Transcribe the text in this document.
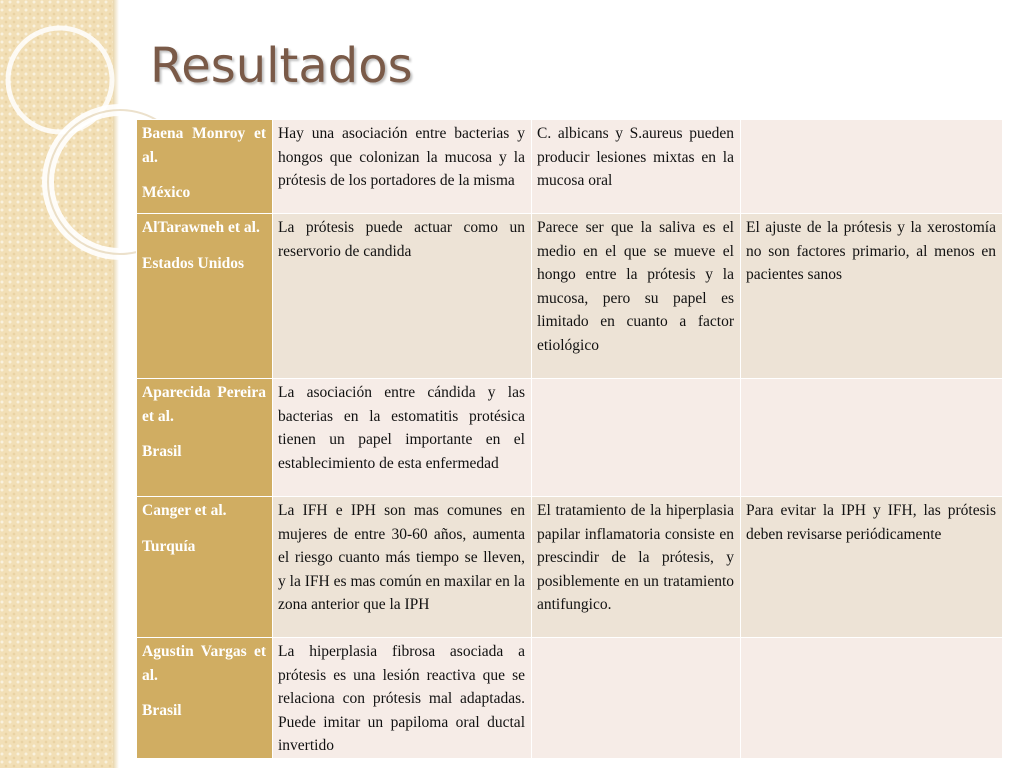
Resultados

Baena Monroy et al.

México	Hay una asociación entre bacterias y hongos que colonizan la mucosa y la prótesis de los portadores de la misma	C. albicans y S.aureus pueden producir lesiones mixtas en la mucosa oral	

AlTarawneh et al.

Estados Unidos	La prótesis puede actuar como un reservorio de candida	Parece ser que la saliva es el medio en el que se mueve el hongo entre la prótesis y la mucosa, pero su papel es limitado en cuanto a factor etiológico	El ajuste de la prótesis y la xerostomía no son factores primario, al menos en pacientes sanos

Aparecida Pereira et al.

Brasil	La asociación entre cándida y las bacterias en la estomatitis protésica tienen un papel importante en el establecimiento de esta enfermedad		

Canger et al.

Turquía	La IFH e IPH son mas comunes en mujeres de entre 30-60 años, aumenta el riesgo cuanto más tiempo se lleven, y la IFH es mas común en maxilar en la zona anterior que la IPH	El tratamiento de la hiperplasia papilar inflamatoria consiste en prescindir de la prótesis, y posiblemente en un tratamiento antifungico.	Para evitar la IPH y IFH, las prótesis deben revisarse periódicamente

Agustin Vargas et al.

Brasil	La hiperplasia fibrosa asociada a prótesis es una lesión reactiva que se relaciona con prótesis mal adaptadas. Puede imitar un papiloma oral ductal invertido		
